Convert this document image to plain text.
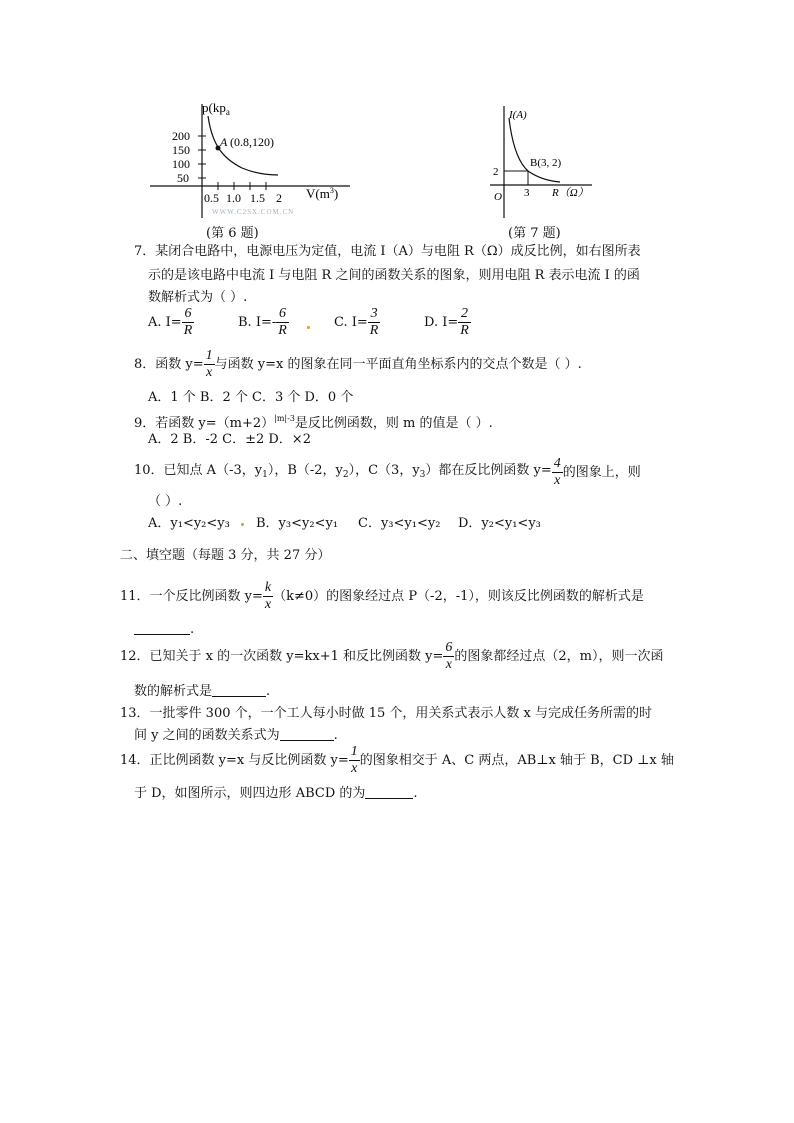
$p(kp_a$
200
150
100
50
0.5 1.0 1.5 2 $V(m^3)$
A (0.8,120)
WWW.C2SX.COM.CN
(第 6 题)
I(A)
2
3
O
B(3, 2)
R（Ω）
(第 7 题)
7．某闭合电路中，电源电压为定值，电流 I（A）与电阻 R（Ω）成反比例，如右图所表
示的是该电路中电流 I 与电阻 R 之间的函数关系的图象，则用电阻 R 表示电流 I 的函
数解析式为（ ）.
A. $I= \frac{6}{R}$	B. $I=- \frac{6}{R}$	C. $I= \frac{3}{R}$	D. $I= \frac{2}{R}$
8．函数 $y= \frac{1}{x}$ 与函数 y=x 的图象在同一平面直角坐标系内的交点个数是（ ）.
A．1 个 B．2 个 C．3 个 D．0 个
9．若函数 $y=(m+2)^{|m|-3}$是反比例函数，则 m 的值是（ ）.
A．2 B．-2 C．±2 D．×2
10．已知点 A（-3，$y_1$），B（-2，$y_2$），C（3，$y_3$）都在反比例函数 $y= \frac{4}{x}$ 的图象上，则
（ ）.
A．y₁<y₂<y₃ B．y₃<y₂<y₁ C．y₃<y₁<y₂ D．y₂<y₁<y₃
二、填空题（每题 3 分，共 27 分）
11．一个反比例函数 $y= \frac{k}{x} (k\ne 0)$的图象经过点 P（-2，-1），则该反比例函数的解析式是
.
12．已知关于 x 的一次函数 y=kx+1 和反比例函数 $y= \frac{6}{x}$ 的图象都经过点（2，m），则一次函
数的解析式是	.
13．一批零件 300 个，一个工人每小时做 15 个，用关系式表示人数 x 与完成任务所需的时
间 y 之间的函数关系式为	.
14．正比例函数 y=x 与反比例函数 $y= \frac{1}{x}$ 的图象相交于 A、C 两点，AB⊥x 轴于 B，CD ⊥x 轴
于 D，如图所示，则四边形 ABCD 的为	.
